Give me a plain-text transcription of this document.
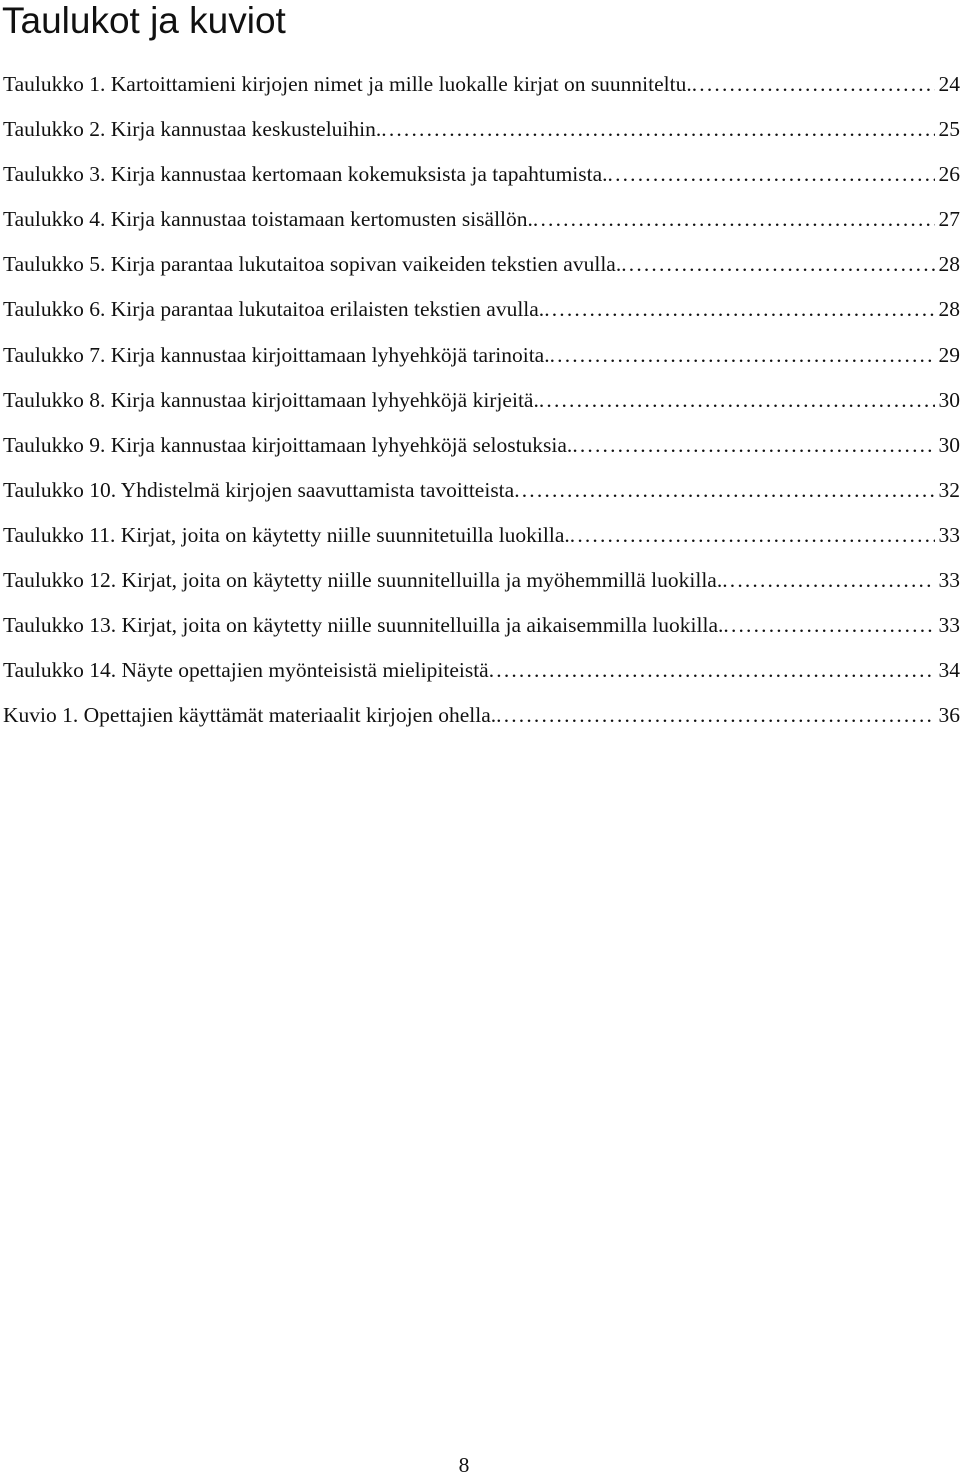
Taulukot ja kuviot
Taulukko 1. Kartoittamieni kirjojen nimet ja mille luokalle kirjat on suunniteltu. . . .	24
Taulukko 2. Kirja kannustaa keskusteluihin. . . .	25
Taulukko 3. Kirja kannustaa kertomaan kokemuksista ja tapahtumista. . . .	26
Taulukko 4. Kirja kannustaa toistamaan kertomusten sisällön. . . .	27
Taulukko 5. Kirja parantaa lukutaitoa sopivan vaikeiden tekstien avulla. . . .	28
Taulukko 6. Kirja parantaa lukutaitoa erilaisten tekstien avulla. . . .	28
Taulukko 7. Kirja kannustaa kirjoittamaan lyhyehköjä tarinoita. . . .	29
Taulukko 8. Kirja kannustaa kirjoittamaan lyhyehköjä kirjeitä. . . .	30
Taulukko 9. Kirja kannustaa kirjoittamaan lyhyehköjä selostuksia. . . .	30
Taulukko 10. Yhdistelmä kirjojen saavuttamista tavoitteista . . .	32
Taulukko 11. Kirjat, joita on käytetty niille suunnitetuilla luokilla. . . .	33
Taulukko 12. Kirjat, joita on käytetty niille suunnitelluilla ja myöhemmillä luokilla. . . .	33
Taulukko 13. Kirjat, joita on käytetty niille suunnitelluilla ja aikaisemmilla luokilla. . . .	33
Taulukko 14. Näyte opettajien myönteisistä mielipiteistä . . .	34
Kuvio 1. Opettajien käyttämät materiaalit kirjojen ohella. . . .	36
8
